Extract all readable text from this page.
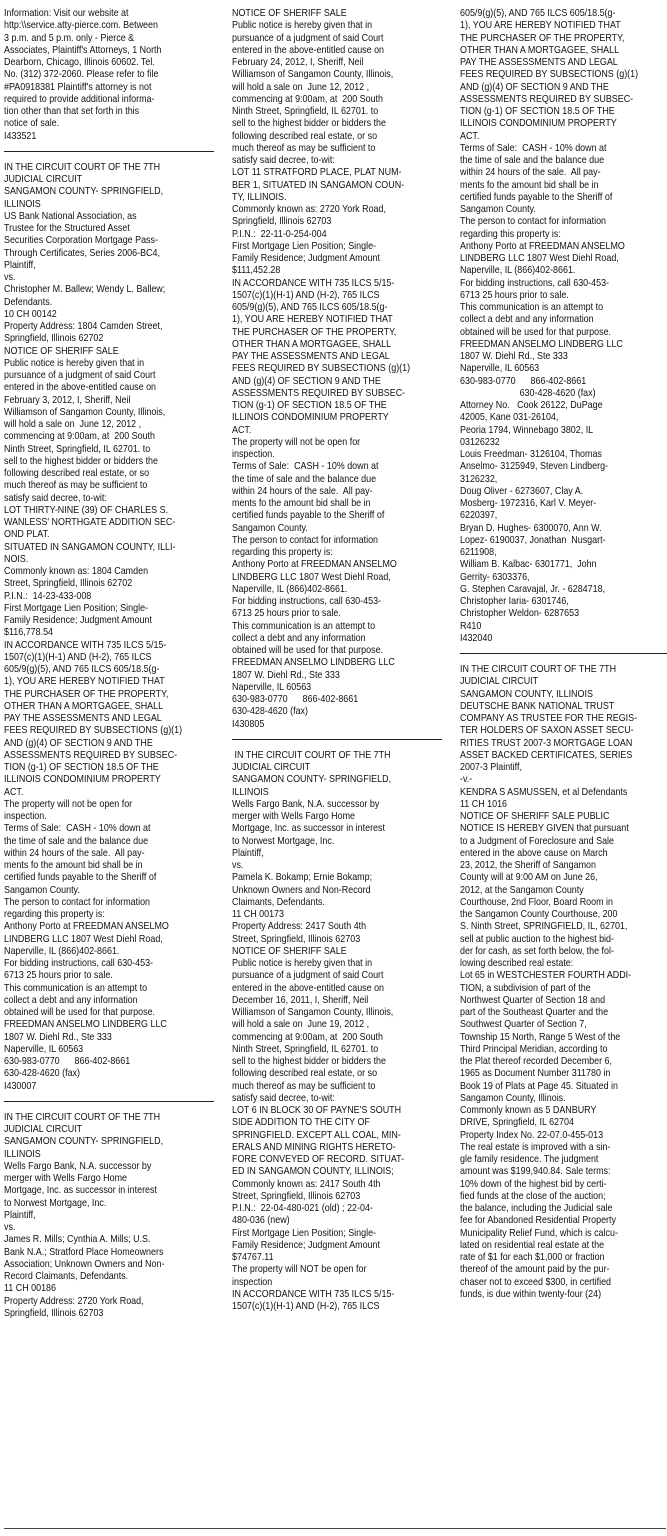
Information: Visit our website at
http:\\service.atty-pierce.com. Between
3 p.m. and 5 p.m. only - Pierce &
Associates, Plaintiff's Attorneys, 1 North
Dearborn, Chicago, Illinois 60602. Tel.
No. (312) 372-2060. Please refer to file
#PA0918381 Plaintiff's attorney is not
required to provide additional informa-
tion other than that set forth in this
notice of sale.
I433521
IN THE CIRCUIT COURT OF THE 7TH
JUDICIAL CIRCUIT
SANGAMON COUNTY- SPRINGFIELD,
ILLINOIS
US Bank National Association, as
Trustee for the Structured Asset
Securities Corporation Mortgage Pass-
Through Certificates, Series 2006-BC4,
Plaintiff,
vs.
Christopher M. Ballew; Wendy L. Ballew;
Defendants.
10 CH 00142
Property Address: 1804 Camden Street,
Springfield, Illinois 62702
NOTICE OF SHERIFF SALE
Public notice is hereby given that in
pursuance of a judgment of said Court
entered in the above-entitled cause on
February 3, 2012, I, Sheriff, Neil
Williamson of Sangamon County, Illinois,
will hold a sale on  June 12, 2012 ,
commencing at 9:00am, at  200 South
Ninth Street, Springfield, IL 62701. to
sell to the highest bidder or bidders the
following described real estate, or so
much thereof as may be sufficient to
satisfy said decree, to-wit:
LOT THIRTY-NINE (39) OF CHARLES S.
WANLESS' NORTHGATE ADDITION SEC-
OND PLAT.
SITUATED IN SANGAMON COUNTY, ILLI-
NOIS.
Commonly known as: 1804 Camden
Street, Springfield, Illinois 62702
P.I.N.:  14-23-433-008
First Mortgage Lien Position; Single-
Family Residence; Judgment Amount
$116,778.54
IN ACCORDANCE WITH 735 ILCS 5/15-
1507(c)(1)(H-1) AND (H-2), 765 ILCS
605/9(g)(5), AND 765 ILCS 605/18.5(g-
1), YOU ARE HEREBY NOTIFIED THAT
THE PURCHASER OF THE PROPERTY,
OTHER THAN A MORTGAGEE, SHALL
PAY THE ASSESSMENTS AND LEGAL
FEES REQUIRED BY SUBSECTIONS (g)(1)
AND (g)(4) OF SECTION 9 AND THE
ASSESSMENTS REQUIRED BY SUBSEC-
TION (g-1) OF SECTION 18.5 OF THE
ILLINOIS CONDOMINIUM PROPERTY
ACT.
The property will not be open for
inspection.
Terms of Sale:  CASH - 10% down at
the time of sale and the balance due
within 24 hours of the sale.  All pay-
ments fo the amount bid shall be in
certified funds payable to the Sheriff of
Sangamon County.
The person to contact for information
regarding this property is:
Anthony Porto at FREEDMAN ANSELMO
LINDBERG LLC 1807 West Diehl Road,
Naperville, IL (866)402-8661.
For bidding instructions, call 630-453-
6713 25 hours prior to sale.
This communication is an attempt to
collect a debt and any information
obtained will be used for that purpose.
FREEDMAN ANSELMO LINDBERG LLC
1807 W. Diehl Rd., Ste 333
Naperville, IL 60563
630-983-0770      866-402-8661
630-428-4620 (fax)
I430007
IN THE CIRCUIT COURT OF THE 7TH
JUDICIAL CIRCUIT
SANGAMON COUNTY- SPRINGFIELD,
ILLINOIS
Wells Fargo Bank, N.A. successor by
merger with Wells Fargo Home
Mortgage, Inc. as successor in interest
to Norwest Mortgage, Inc.
Plaintiff,
vs.
James R. Mills; Cynthia A. Mills; U.S.
Bank N.A.; Stratford Place Homeowners
Association; Unknown Owners and Non-
Record Claimants, Defendants.
11 CH 00186
Property Address: 2720 York Road,
Springfield, Illinois 62703
NOTICE OF SHERIFF SALE
Public notice is hereby given that in
pursuance of a judgment of said Court
entered in the above-entitled cause on
February 24, 2012, I, Sheriff, Neil
Williamson of Sangamon County, Illinois,
will hold a sale on  June 12, 2012 ,
commencing at 9:00am, at  200 South
Ninth Street, Springfield, IL 62701. to
sell to the highest bidder or bidders the
following described real estate, or so
much thereof as may be sufficient to
satisfy said decree, to-wit:
LOT 11 STRATFORD PLACE, PLAT NUM-
BER 1, SITUATED IN SANGAMON COUN-
TY, ILLINOIS.
Commonly known as: 2720 York Road,
Springfield, Illinois 62703
P.I.N.:  22-11-0-254-004
First Mortgage Lien Position; Single-
Family Residence; Judgment Amount
$111,452.28
IN ACCORDANCE WITH 735 ILCS 5/15-
1507(c)(1)(H-1) AND (H-2), 765 ILCS
605/9(g)(5), AND 765 ILCS 605/18.5(g-
1), YOU ARE HEREBY NOTIFIED THAT
THE PURCHASER OF THE PROPERTY,
OTHER THAN A MORTGAGEE, SHALL
PAY THE ASSESSMENTS AND LEGAL
FEES REQUIRED BY SUBSECTIONS (g)(1)
AND (g)(4) OF SECTION 9 AND THE
ASSESSMENTS REQUIRED BY SUBSEC-
TION (g-1) OF SECTION 18.5 OF THE
ILLINOIS CONDOMINIUM PROPERTY
ACT.
The property will not be open for
inspection.
Terms of Sale:  CASH - 10% down at
the time of sale and the balance due
within 24 hours of the sale.  All pay-
ments fo the amount bid shall be in
certified funds payable to the Sheriff of
Sangamon County.
The person to contact for information
regarding this property is:
Anthony Porto at FREEDMAN ANSELMO
LINDBERG LLC 1807 West Diehl Road,
Naperville, IL (866)402-8661.
For bidding instructions, call 630-453-
6713 25 hours prior to sale.
This communication is an attempt to
collect a debt and any information
obtained will be used for that purpose.
FREEDMAN ANSELMO LINDBERG LLC
1807 W. Diehl Rd., Ste 333
Naperville, IL 60563
630-983-0770      866-402-8661
630-428-4620 (fax)
I430805
IN THE CIRCUIT COURT OF THE 7TH
JUDICIAL CIRCUIT
SANGAMON COUNTY- SPRINGFIELD,
ILLINOIS
Wells Fargo Bank, N.A. successor by
merger with Wells Fargo Home
Mortgage, Inc. as successor in interest
to Norwest Mortgage, Inc.
Plaintiff,
vs.
Pamela K. Bokamp; Ernie Bokamp;
Unknown Owners and Non-Record
Claimants, Defendants.
11 CH 00173
Property Address: 2417 South 4th
Street, Springfield, Illinois 62703
NOTICE OF SHERIFF SALE
Public notice is hereby given that in
pursuance of a judgment of said Court
entered in the above-entitled cause on
December 16, 2011, I, Sheriff, Neil
Williamson of Sangamon County, Illinois,
will hold a sale on  June 19, 2012 ,
commencing at 9:00am, at  200 South
Ninth Street, Springfield, IL 62701. to
sell to the highest bidder or bidders the
following described real estate, or so
much thereof as may be sufficient to
satisfy said decree, to-wit:
LOT 6 IN BLOCK 30 OF PAYNE'S SOUTH
SIDE ADDITION TO THE CITY OF
SPRINGFIELD. EXCEPT ALL COAL, MIN-
ERALS AND MINING RIGHTS HERETO-
FORE CONVEYED OF RECORD. SITUAT-
ED IN SANGAMON COUNTY, ILLINOIS;
Commonly known as: 2417 South 4th
Street, Springfield, Illinois 62703
P.I.N.:  22-04-480-021 (old) ; 22-04-
480-036 (new)
First Mortgage Lien Position; Single-
Family Residence; Judgment Amount
$74767.11
The property will NOT be open for
inspection
IN ACCORDANCE WITH 735 ILCS 5/15-
1507(c)(1)(H-1) AND (H-2), 765 ILCS
605/9(g)(5), AND 765 ILCS 605/18.5(g-
1), YOU ARE HEREBY NOTIFIED THAT
THE PURCHASER OF THE PROPERTY,
OTHER THAN A MORTGAGEE, SHALL
PAY THE ASSESSMENTS AND LEGAL
FEES REQUIRED BY SUBSECTIONS (g)(1)
AND (g)(4) OF SECTION 9 AND THE
ASSESSMENTS REQUIRED BY SUBSEC-
TION (g-1) OF SECTION 18.5 OF THE
ILLINOIS CONDOMINIUM PROPERTY
ACT.
Terms of Sale:  CASH - 10% down at
the time of sale and the balance due
within 24 hours of the sale.  All pay-
ments fo the amount bid shall be in
certified funds payable to the Sheriff of
Sangamon County.
The person to contact for information
regarding this property is:
Anthony Porto at FREEDMAN ANSELMO
LINDBERG LLC 1807 West Diehl Road,
Naperville, IL (866)402-8661.
For bidding instructions, call 630-453-
6713 25 hours prior to sale.
This communication is an attempt to
collect a debt and any information
obtained will be used for that purpose.
FREEDMAN ANSELMO LINDBERG LLC
1807 W. Diehl Rd., Ste 333
Naperville, IL 60563
630-983-0770      866-402-8661
630-428-4620 (fax)
Attorney No.   Cook 26122, DuPage
42005, Kane 031-26104,
Peoria 1794, Winnebago 3802, IL
03126232
Louis Freedman- 3126104, Thomas
Anselmo- 3125949, Steven Lindberg-
3126232,
Doug Oliver - 6273607, Clay A.
Mosberg- 1972316, Karl V. Meyer-
6220397,
Bryan D. Hughes- 6300070, Ann W.
Lopez- 6190037, Jonathan  Nusgart-
6211908,
William B. Kalbac- 6301771,  John
Gerrity- 6303376,
G. Stephen Caravajal, Jr. - 6284718,
Christopher Iaria- 6301746,
Christopher Weldon- 6287653
R410
I432040
IN THE CIRCUIT COURT OF THE 7TH
JUDICIAL CIRCUIT
SANGAMON COUNTY, ILLINOIS
DEUTSCHE BANK NATIONAL TRUST
COMPANY AS TRUSTEE FOR THE REGIS-
TER HOLDERS OF SAXON ASSET SECU-
RITIES TRUST 2007-3 MORTGAGE LOAN
ASSET BACKED CERTIFICATES, SERIES
2007-3 Plaintiff,
-v.-
KENDRA S ASMUSSEN, et al Defendants
11 CH 1016
NOTICE OF SHERIFF SALE PUBLIC
NOTICE IS HEREBY GIVEN that pursuant
to a Judgment of Foreclosure and Sale
entered in the above cause on March
23, 2012, the Sheriff of Sangamon
County will at 9:00 AM on June 26,
2012, at the Sangamon County
Courthouse, 2nd Floor, Board Room in
the Sangamon County Courthouse, 200
S. Ninth Street, SPRINGFIELD, IL, 62701,
sell at public auction to the highest bid-
der for cash, as set forth below, the fol-
lowing described real estate:
Lot 65 in WESTCHESTER FOURTH ADDI-
TION, a subdivision of part of the
Northwest Quarter of Section 18 and
part of the Southeast Quarter and the
Southwest Quarter of Section 7,
Township 15 North, Range 5 West of the
Third Principal Meridian, according to
the Plat thereof recorded December 6,
1965 as Document Number 311780 in
Book 19 of Plats at Page 45. Situated in
Sangamon County, Illinois.
Commonly known as 5 DANBURY
DRIVE, Springfield, IL 62704
Property Index No. 22-07.0-455-013
The real estate is improved with a sin-
gle family residence. The judgment
amount was $199,940.84. Sale terms:
10% down of the highest bid by certi-
fied funds at the close of the auction;
the balance, including the Judicial sale
fee for Abandoned Residential Property
Municipality Relief Fund, which is calcu-
lated on residential real estate at the
rate of $1 for each $1,000 or fraction
thereof of the amount paid by the pur-
chaser not to exceed $300, in certified
funds, is due within twenty-four (24)
